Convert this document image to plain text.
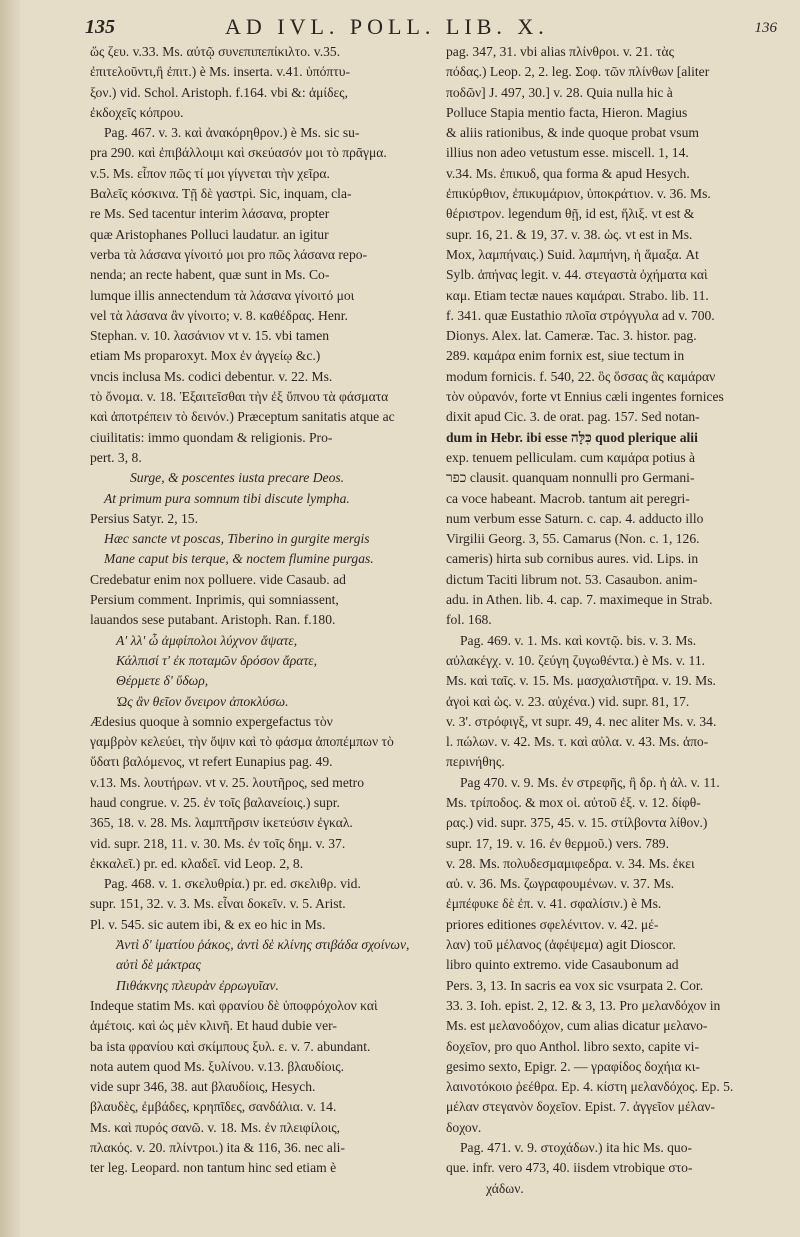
135	AD IVL. POLL. LIB. X.	136
ὥς ζευ. v.33. Ms. αὐτῷ συνεπιπεπίκιλτο. v.35.
ἐπιτελοῦντι,ἢ ἐπιτ.) è Ms. inserta. v.41. ὑπόπτυ-
ξον.) vid. Schol. Aristoph. f.164. vbi &: ἀμίδες,
ἐκδοχεῖς κόπρου.
Pag. 467. v. 3. καὶ ἀνακόρηθρον.) è Ms. sic su-
pra 290. καὶ ἐπιβάλλοιμι καὶ σκεύασόν μοι τὸ πρᾶγμα.
v.5. Ms. εἶπον πῶς τί μοι γίγνεται τὴν χεῖρα.
Βαλεῖς κόσκινα. Τῇ δὲ γαστρὶ. Sic, inquam, cla-
re Ms. Sed tacentur interim λάσανα, propter
quæ Aristophanes Polluci laudatur. an igitur
verba τὰ λάσανα γίνοιτό μοι pro πῶς λάσανα repo-
nenda; an recte habent, quæ sunt in Ms. Co-
lumque illis annectendum τὰ λάσανα γίνοιτό μοι
vel τὰ λάσανα ἂν γίνοιτο; v. 8. καθέδρας. Henr.
Stephan. v. 10. λασάνιον vt v. 15. vbi tamen
etiam Ms proparoxyt. Mox ἐν ἀγγείῳ &c.)
vncis inclusa Ms. codici debentur. v. 22. Ms.
τὸ ὄνομα. v. 18. Ἐξαιτεῖσθαι τὴν ἐξ ὕπνου τὰ φάσματα
καὶ ἀποτρέπειν τὸ δεινόν.) Præceptum sanitatis atque ac
ciuilitatis: immo quondam & religionis. Pro-
pert. 3, 8.
Surge, & poscentes iusta precare Deos.
At primum pura somnum tibi discute lympha.
Persius Satyr. 2, 15.
Hæc sancte vt poscas, Tiberino in gurgite mergis
Mane caput bis terque, & noctem flumine purgas.
Credebatur enim nox polluere. vide Casaub. ad
Persium comment. Inprimis, qui somniassent,
lauandos sese putabant. Aristoph. Ran. f.180.
Α' λλ' ὦ ἀμφίπολοι λύχνον ἅψατε,
Κάλπισί τ' ἐκ ποταμῶν δρόσον ἄρατε,
Θέρμετε δ' ὕδωρ,
Ὡς ἂν θεῖον ὄνειρον ἀποκλύσω.
Ædesius quoque à somnio expergefactus τὸν
γαμβρὸν κελεύει, τὴν ὄψιν καὶ τὸ φάσμα ἀποπέμπων τὸ
ὕδατι βαλόμενος, vt refert Eunapius pag. 49.
v.13. Ms. λουτήρων. vt v. 25. λουτῆρος, sed metro
haud congrue. v. 25. ἐν τοῖς βαλανείοις.) supr.
365, 18. v. 28. Ms. λαμπτῆρσιν ἱκετεύσιν ἐγκαλ.
vid. supr. 218, 11. v. 30. Ms. ἐν τοῖς δημ. v. 37.
ἐκκαλεῖ.) pr. ed. κλαδεῖ. vid Leop. 2, 8.
Pag. 468. v. 1. σκελυθρία.) pr. ed. σκελιθρ. vid.
supr. 151, 32. v. 3. Ms. εἶναι δοκεῖν. v. 5. Arist.
Pl. v. 545. sic autem ibi, & ex eo hic in Ms.
Ἀντὶ δ' ἱματίου ῥάκος, ἀντὶ δὲ κλίνης στιβάδα σχοίνων,
αὐτὶ δὲ μάκτρας
Πιθάκνης πλευρὰν ἐρρωγυῖαν.
Indeque statim Ms. καὶ φρανίου δὲ ὑποφρόχολον καὶ
ἀμέτοις. καὶ ὡς μὲν κλινῆ. Et haud dubie ver-
ba ista φρανίου καὶ σκίμπους ξυλ. ε. v. 7. abundant.
nota autem quod Ms. ξυλίνου. v.13. βλαυδίοις.
vide supr 346, 38. aut βλαυδίοις, Hesych.
βλαυδὲς, ἐμβάδες, κρηπῖδες, σανδάλια. v. 14.
Ms. καὶ πυρός σανῶ. v. 18. Ms. ἐν πλειφίλοις,
πλακός. v. 20. πλίντροι.) ita & 116, 36. nec ali-
ter leg. Leopard. non tantum hinc sed etiam è
pag. 347, 31. vbi alias πλίνθροι. v. 21. τὰς
πόδας.) Leop. 2, 2. leg. Σοφ. τῶν πλίνθων [aliter
ποδῶν] J. 497, 30.] v. 28. Quia nulla hic à
Polluce Stapia mentio facta, Hieron. Magius
& aliis rationibus, & inde quoque probat vsum
illius non adeo vetustum esse. miscell. 1, 14.
v.34. Ms. ἐπικυδ, qua forma & apud Hesych.
ἐπικύρθιον, ἐπικυμάριον, ὑποκράτιον. v. 36. Ms.
θέριστρον. legendum θῇ, id est, ἥλιξ. vt est &
supr. 16, 21. & 19, 37. v. 38. ὡς. vt est in Ms.
Mox, λαμπήναις.) Suid. λαμπήνη, ἡ ἅμαξα. At
Sylb. ἀπήνας legit. v. 44. στεγαστὰ ὀχήματα καὶ
καμ. Etiam tectæ naues καμάραι. Strabo. lib. 11.
f. 341. quæ Eustathio πλοῖα στρόγγυλα ad v. 700.
Dionys. Alex. lat. Cameræ. Tac. 3. histor. pag.
289. καμάρα enim fornix est, siue tectum in
modum fornicis. f. 540, 22. ὃς ὅσσας ἃς καμάραν
τὸν οὐρανόν, forte vt Ennius cæli ingentes fornices
dixit apud Cic. 3. de orat. pag. 157. Sed notan-
dum in Hebr. ibi esse כִּלָּה quod plerique alii
exp. tenuem pelliculam. cum καμάρα potius à
כפר clausit. quanquam nonnulli pro Germani-
ca voce habeant. Macrob. tantum ait peregri-
num verbum esse Saturn. c. cap. 4. adducto illo
Virgilii Georg. 3, 55. Camarus (Non. c. 1, 126.
cameris) hirta sub cornibus aures. vid. Lips. in
dictum Taciti librum not. 53. Casaubon. anim-
adu. in Athen. lib. 4. cap. 7. maximeque in Strab.
fol. 168.
Pag. 469. v. 1. Ms. καὶ κοντῷ. bis. v. 3. Ms.
αὐλακέγχ. v. 10. ζεύγη ζυγωθέντα.) è Ms. v. 11.
Ms. καὶ ταῖς. v. 15. Ms. μασχαλιστῆρα. v. 19. Ms.
ἀγοὶ καὶ ὡς. v. 23. αὐχένα.) vid. supr. 81, 17.
v. 3'. στρόφιγξ, vt supr. 49, 4. nec aliter Ms. v. 34.
l. πώλων. v. 42. Ms. τ. καὶ αὐλα. v. 43. Ms. ἀπο-
περινήθης.
Pag 470. v. 9. Ms. ἐν στρεφῆς, ἢ δρ. ἡ ἀλ. v. 11.
Ms. τρίποδος. & mox οἱ. αὐτοῦ ἐξ. v. 12. δίφθ-
ρας.) vid. supr. 375, 45. v. 15. στίλβοντα λίθον.)
supr. 17, 19. v. 16. ἐν θερμοῦ.) vers. 789.
v. 28. Ms. πολυδεσμαμιφεδρα. v. 34. Ms. ἐκει
αὐ. v. 36. Ms. ζωγραφουμένων. v. 37. Ms.
ἐμπέφυκε δὲ ἐπ. v. 41. σφαλίσιν.) è Ms.
priores editiones σφελένιτον. v. 42. μέ-
λαν) τοῦ μέλανος (ἀφέψεμα) agit Dioscor.
libro quinto extremo. vide Casaubonum ad
Pers. 3, 13. In sacris ea vox sic vsurpata 2. Cor.
33. 3. Ioh. epist. 2, 12. & 3, 13. Pro μελανδόχον in
Ms. est μελανοδόχον, cum alias dicatur μελανο-
δοχεῖον, pro quo Anthol. libro sexto, capite vi-
gesimo sexto, Epigr. 2. — γραφίδος δοχήια κι-
λαινοτόκοιο ῥεέθρα. Ep. 4. κίστη μελανδόχος. Ep. 5.
μέλαν στεγανὸν δοχεῖον. Epist. 7. ἀγγεῖον μέλαν-
δοχον.
Pag. 471. v. 9. στοχάδων.) ita hic Ms. quo-
que. infr. vero 473, 40. iisdem vtrobique στο-
χάδων.
